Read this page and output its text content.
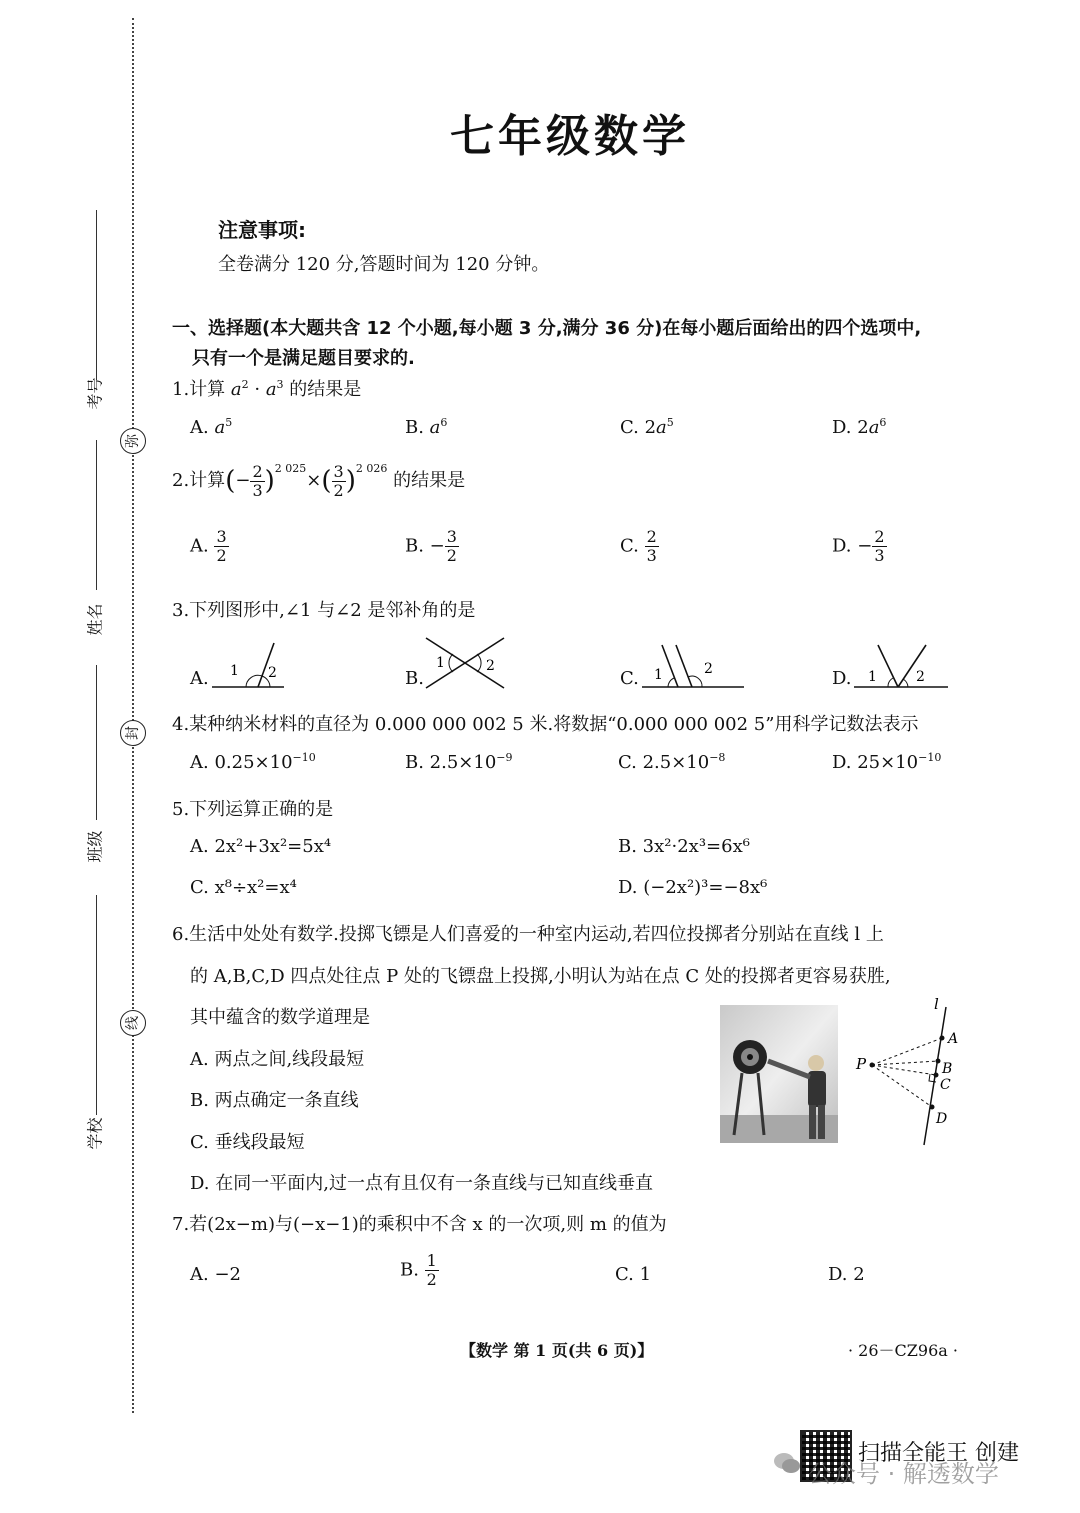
考号
姓名
班级
学校
弥
封
线
七年级数学
注意事项:
全卷满分 120 分,答题时间为 120 分钟。
一、选择题(本大题共含 12 个小题,每小题 3 分,满分 36 分)在每小题后面给出的四个选项中,
只有一个是满足题目要求的.
1.计算 $a^2 \cdot a^3$ 的结果是
A. $a^5$	B. $a^6$	C. $2a^5$	D. $2a^6$
2.计算(− $\frac{2}{3} )^{2 025}\times( \frac{3}{2} )^{2 026}$ 的结果是
A. $\frac{3}{2}$	B. − $\frac{3}{2}$	C. $\frac{2}{3}$	D. − $\frac{2}{3}$
3.下列图形中,∠1 与∠2 是邻补角的是
A.	B.	C.	D.
1 2
1	2
1	2	1	2
4.某种纳米材料的直径为 0.000 000 002 5 米.将数据“0.000 000 002 5”用科学记数法表示
A. $0.25\times 10^{-10}$	B. $2.5\times 10^{-9}$	C. $2.5\times 10^{-8}$	D. $25\times 10^{-10}$
5.下列运算正确的是
A. 2x²+3x²=5x⁴	B. 3x²·2x³=6x⁶
C. x⁸÷x²=x⁴	D. (−2x²)³=−8x⁶
6.生活中处处有数学.投掷飞镖是人们喜爱的一种室内运动,若四位投掷者分别站在直线 l 上
的 A,B,C,D 四点处往点 P 处的飞镖盘上投掷,小明认为站在点 C 处的投掷者更容易获胜,
其中蕴含的数学道理是
A. 两点之间,线段最短
B. 两点确定一条直线
C. 垂线段最短
D. 在同一平面内,过一点有且仅有一条直线与已知直线垂直
l
P
A
B
C
D
7.若(2x−m)与(−x−1)的乘积中不含 x 的一次项,则 m 的值为
A. −2	B. $\frac{1}{2}$	C. 1	D. 2
【数学 第 1 页(共 6 页)】	· 26－CZ96a ·
扫描全能王 创建
公众号 · 解透数学
